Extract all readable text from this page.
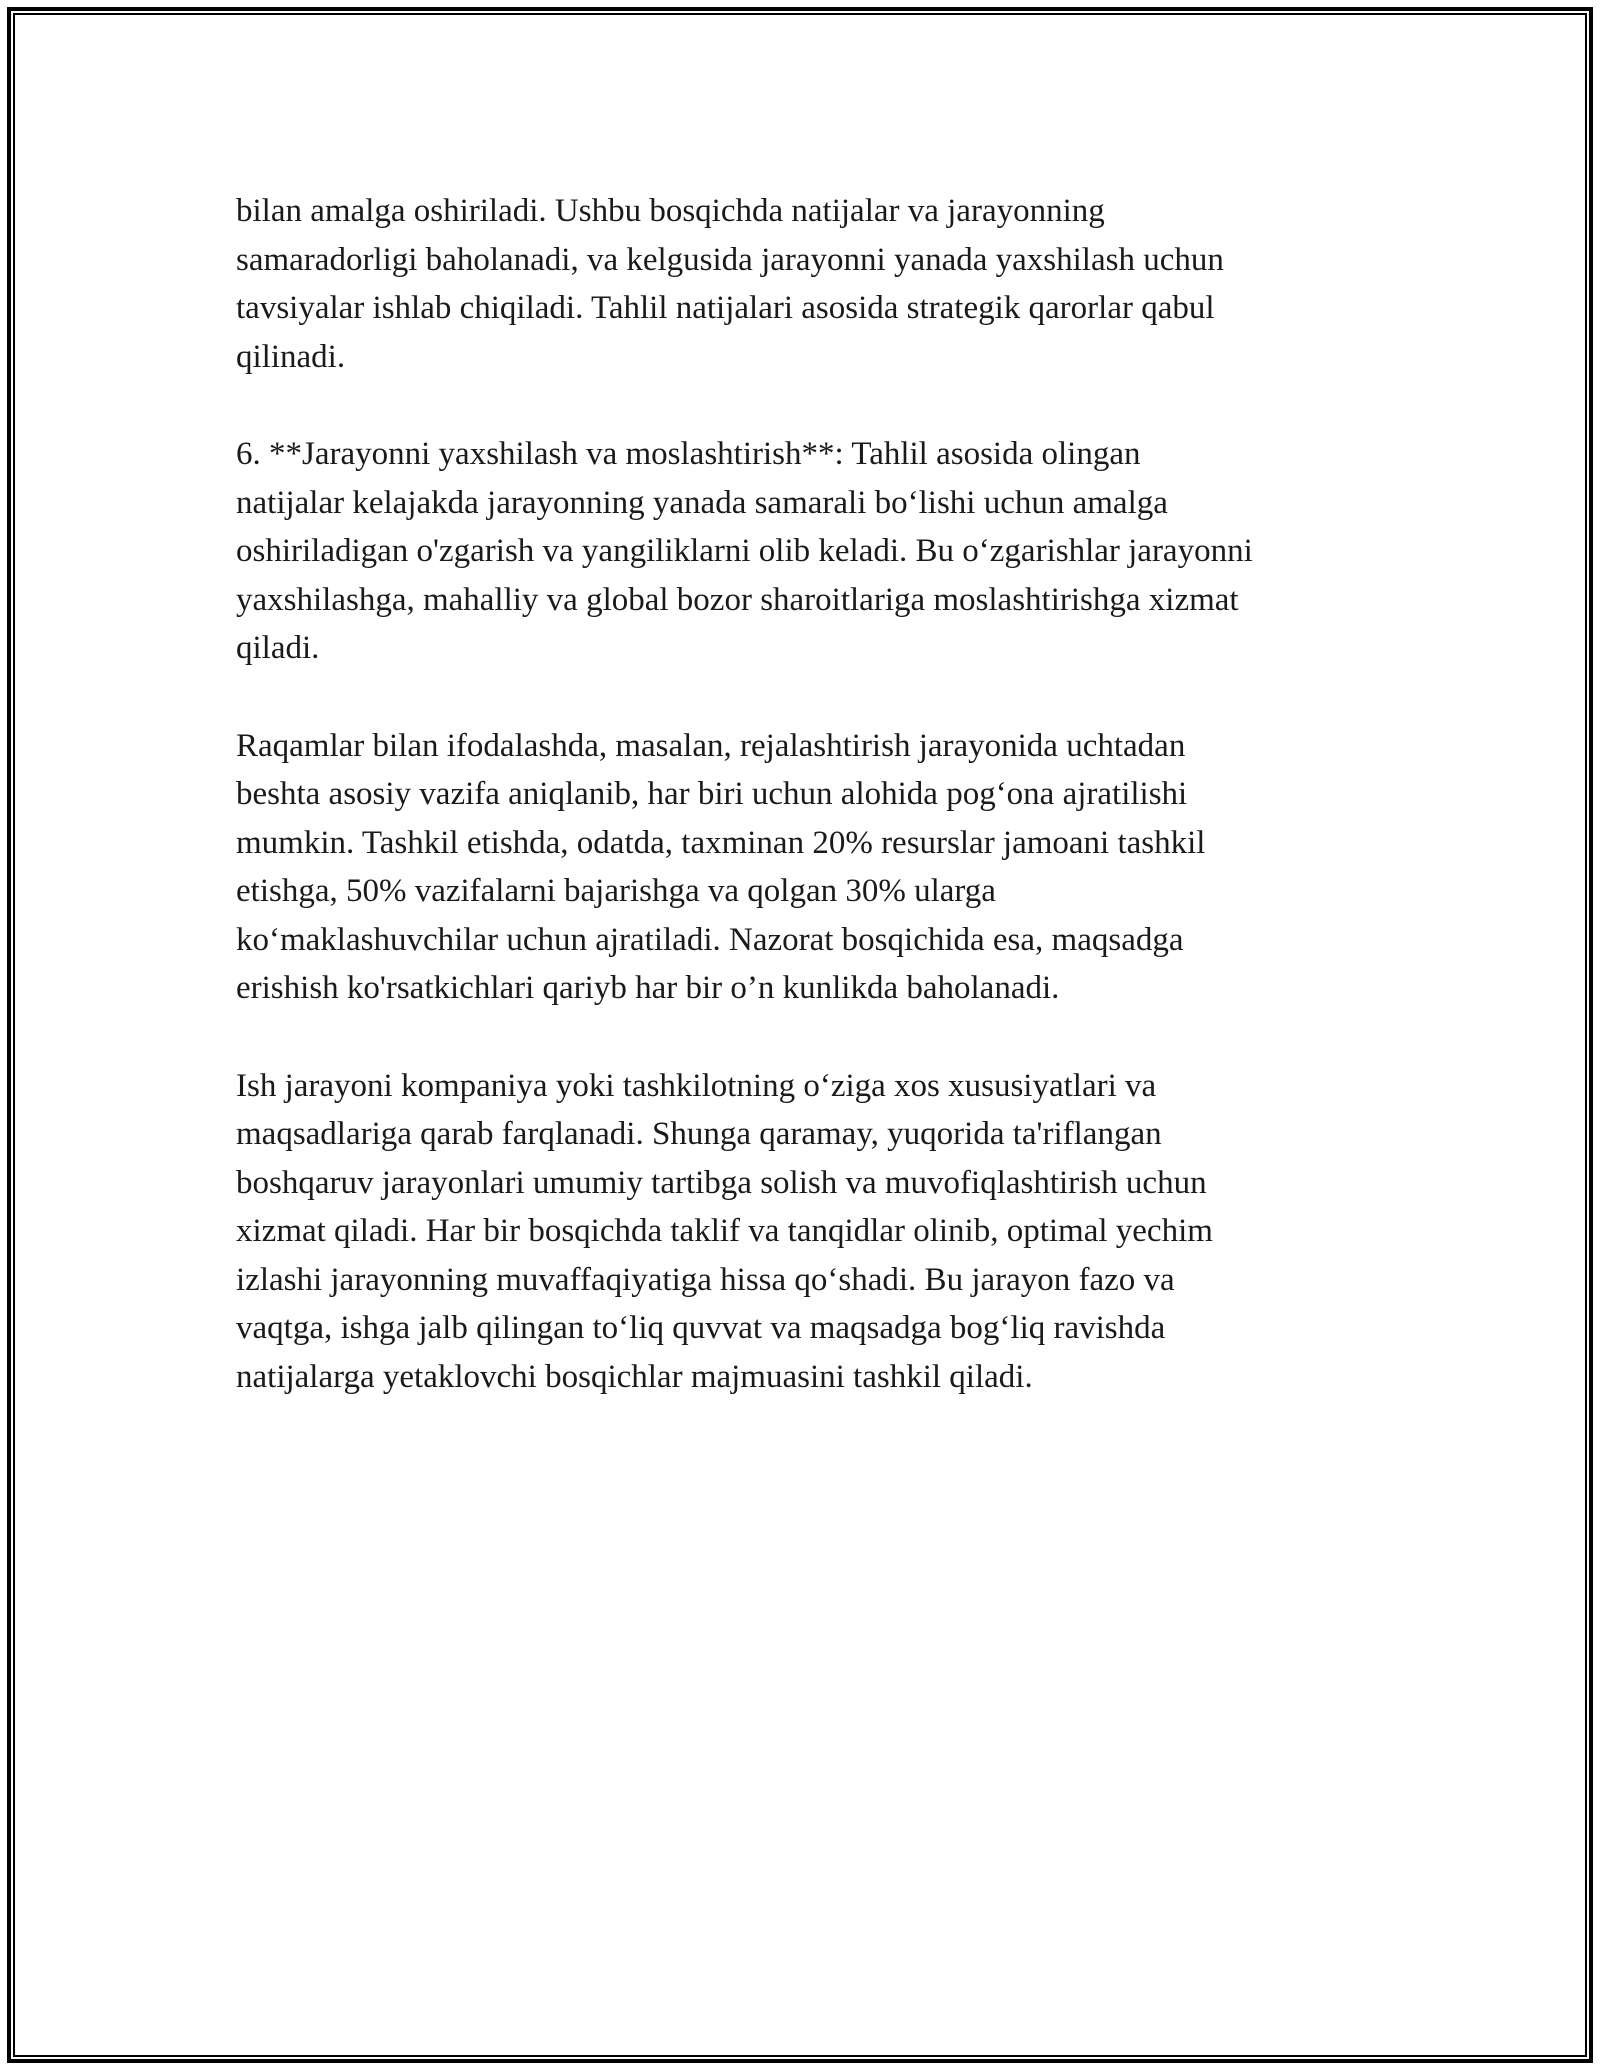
bilan amalga oshiriladi. Ushbu bosqichda natijalar va jarayonning
samaradorligi baholanadi, va kelgusida jarayonni yanada yaxshilash uchun
tavsiyalar ishlab chiqiladi. Tahlil natijalari asosida strategik qarorlar qabul
qilinadi.

6. **Jarayonni yaxshilash va moslashtirish**: Tahlil asosida olingan
natijalar kelajakda jarayonning yanada samarali boʻlishi uchun amalga
oshiriladigan o'zgarish va yangiliklarni olib keladi. Bu oʻzgarishlar jarayonni
yaxshilashga, mahalliy va global bozor sharoitlariga moslashtirishga xizmat
qiladi.

Raqamlar bilan ifodalashda, masalan, rejalashtirish jarayonida uchtadan
beshta asosiy vazifa aniqlanib, har biri uchun alohida pogʻona ajratilishi
mumkin. Tashkil etishda, odatda, taxminan 20% resurslar jamoani tashkil
etishga, 50% vazifalarni bajarishga va qolgan 30% ularga
koʻmaklashuvchilar uchun ajratiladi. Nazorat bosqichida esa, maqsadga
erishish ko'rsatkichlari qariyb har bir o’n kunlikda baholanadi.

Ish jarayoni kompaniya yoki tashkilotning oʻziga xos xususiyatlari va
maqsadlariga qarab farqlanadi. Shunga qaramay, yuqorida ta'riflangan
boshqaruv jarayonlari umumiy tartibga solish va muvofiqlashtirish uchun
xizmat qiladi. Har bir bosqichda taklif va tanqidlar olinib, optimal yechim
izlashi jarayonning muvaffaqiyatiga hissa qoʻshadi. Bu jarayon fazo va
vaqtga, ishga jalb qilingan toʻliq quvvat va maqsadga bogʻliq ravishda
natijalarga yetaklovchi bosqichlar majmuasini tashkil qiladi.
